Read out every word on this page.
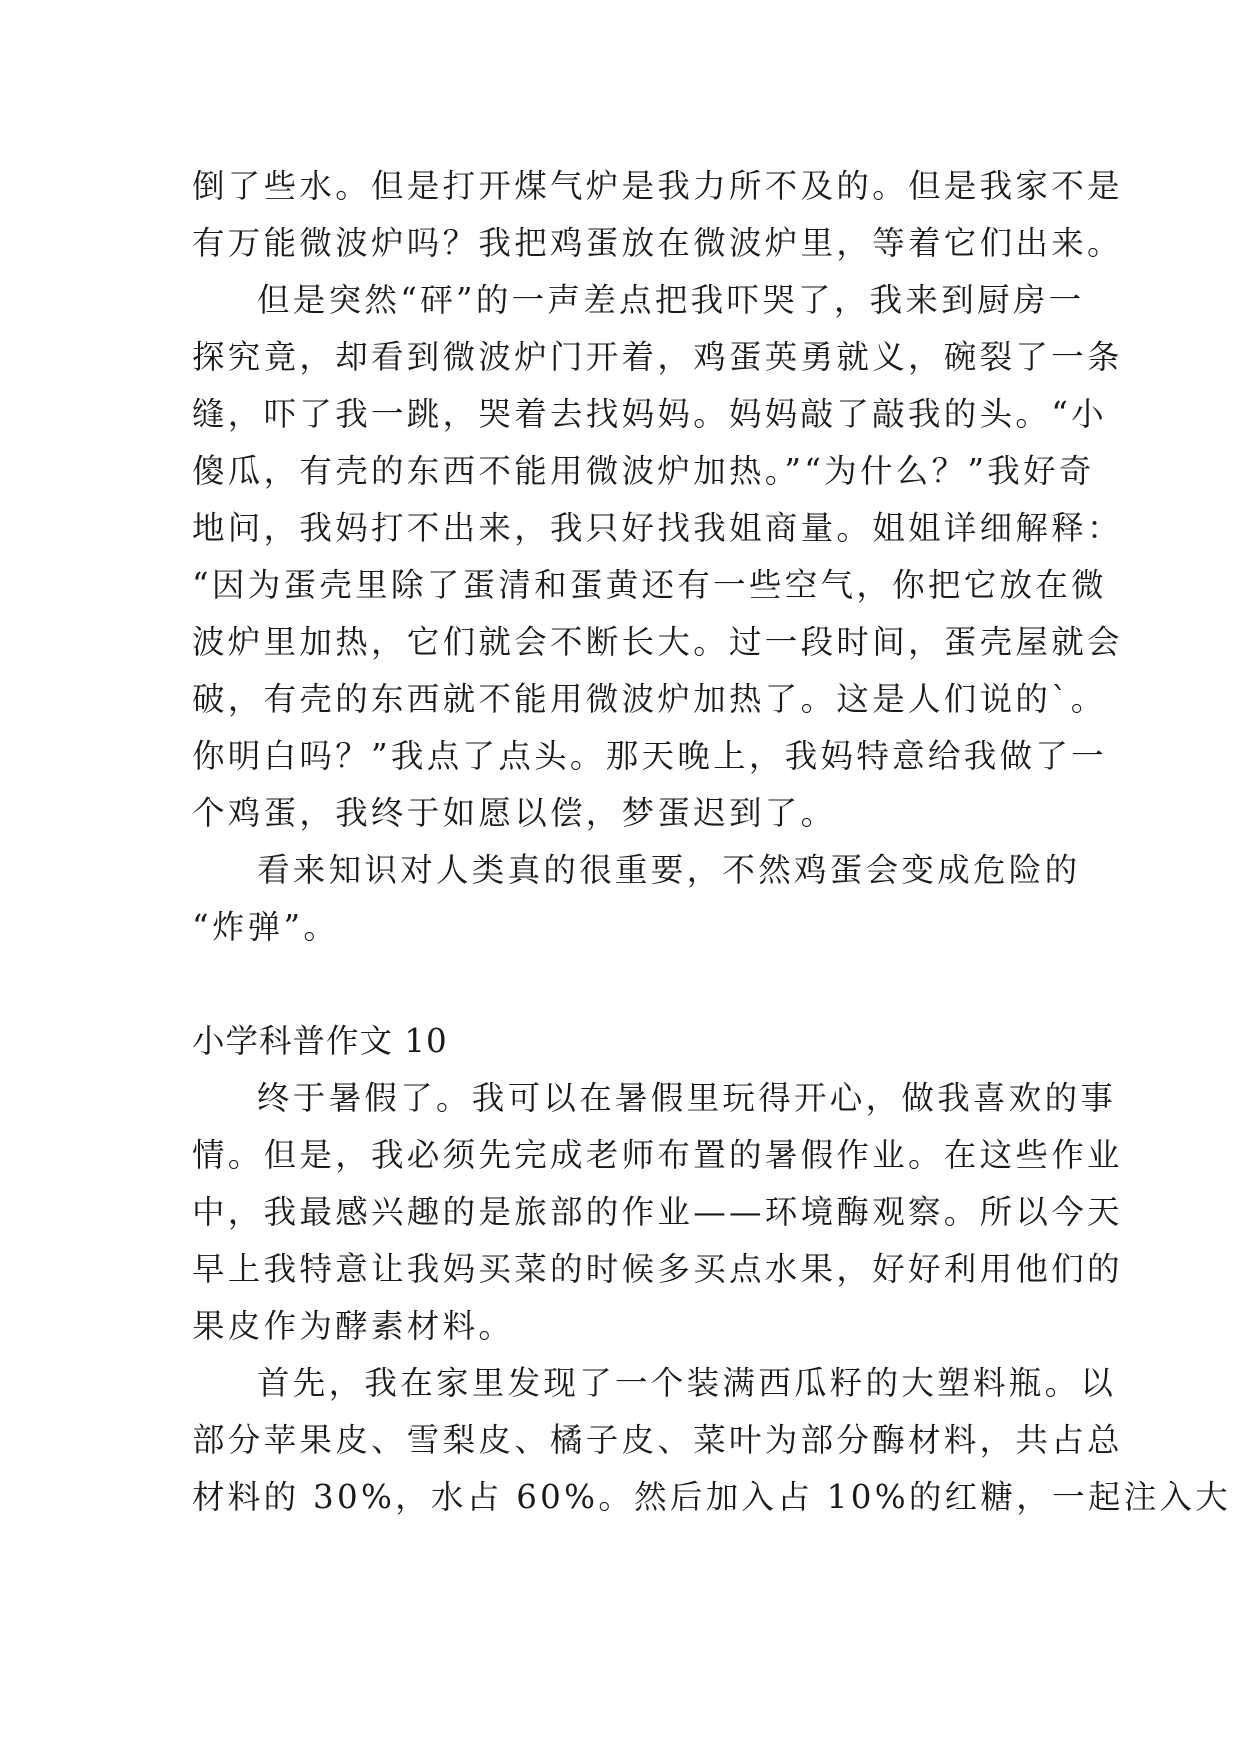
倒了些水。但是打开煤气炉是我力所不及的。但是我家不是
有万能微波炉吗？我把鸡蛋放在微波炉里，等着它们出来。
但是突然“砰”的一声差点把我吓哭了，我来到厨房一
探究竟，却看到微波炉门开着，鸡蛋英勇就义，碗裂了一条
缝，吓了我一跳，哭着去找妈妈。妈妈敲了敲我的头。“小
傻瓜，有壳的东西不能用微波炉加热。”“为什么？”我好奇
地问，我妈打不出来，我只好找我姐商量。姐姐详细解释：
“因为蛋壳里除了蛋清和蛋黄还有一些空气，你把它放在微
波炉里加热，它们就会不断长大。过一段时间，蛋壳屋就会
破，有壳的东西就不能用微波炉加热了。这是人们说的`。
你明白吗？”我点了点头。那天晚上，我妈特意给我做了一
个鸡蛋，我终于如愿以偿，梦蛋迟到了。
看来知识对人类真的很重要，不然鸡蛋会变成危险的
“炸弹”。
小学科普作文 10
终于暑假了。我可以在暑假里玩得开心，做我喜欢的事
情。但是，我必须先完成老师布置的暑假作业。在这些作业
中，我最感兴趣的是旅部的作业——环境酶观察。所以今天
早上我特意让我妈买菜的时候多买点水果，好好利用他们的
果皮作为酵素材料。
首先，我在家里发现了一个装满西瓜籽的大塑料瓶。以
部分苹果皮、雪梨皮、橘子皮、菜叶为部分酶材料，共占总
材料的 30%，水占 60%。然后加入占 10%的红糖，一起注入大
